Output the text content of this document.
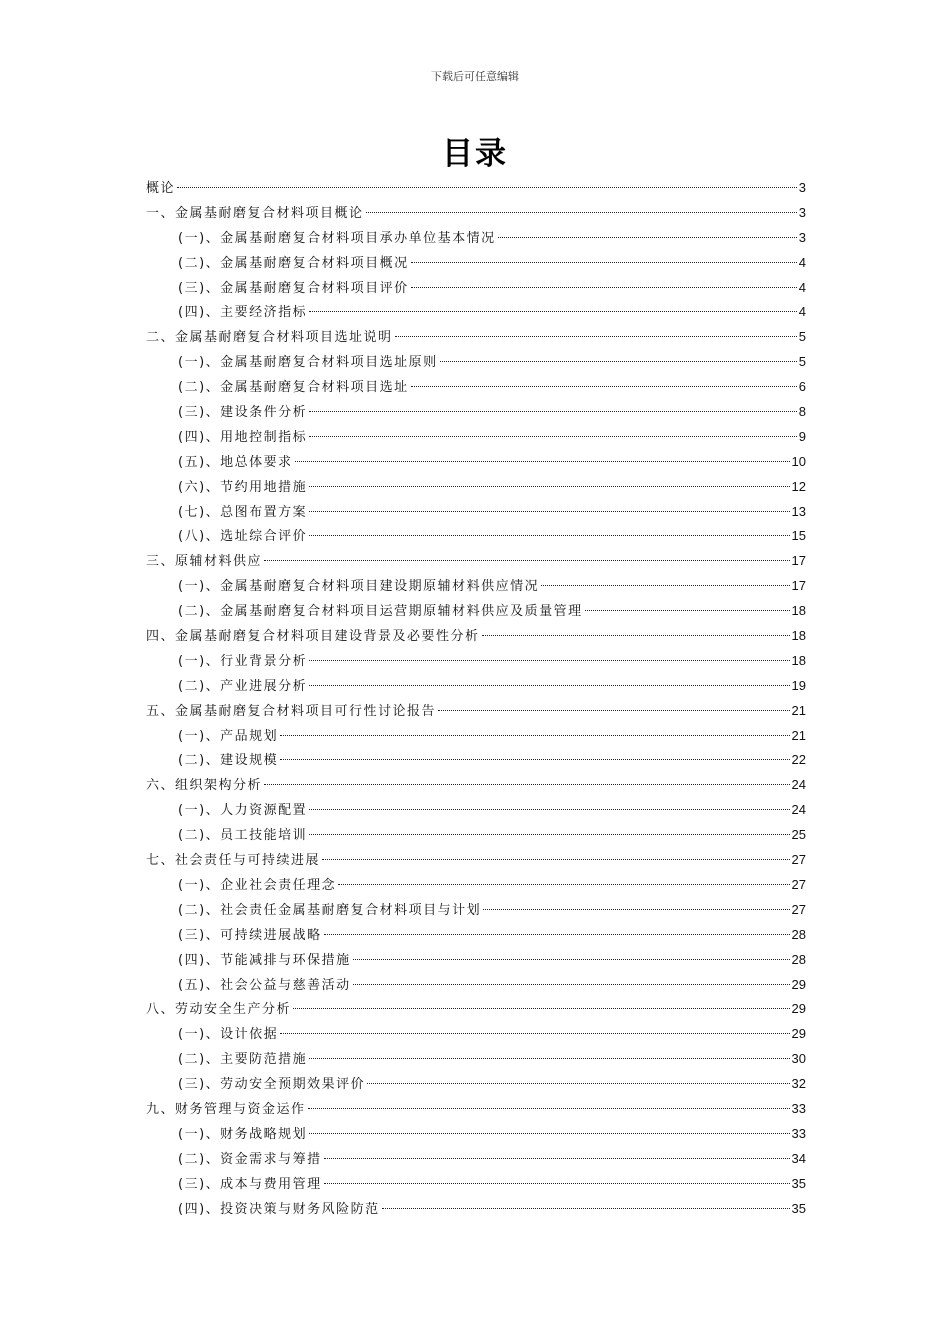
下载后可任意编辑
目录
概论	3
一、金属基耐磨复合材料项目概论	3
(一)、金属基耐磨复合材料项目承办单位基本情况	3
(二)、金属基耐磨复合材料项目概况	4
(三)、金属基耐磨复合材料项目评价	4
(四)、主要经济指标	4
二、金属基耐磨复合材料项目选址说明	5
(一)、金属基耐磨复合材料项目选址原则	5
(二)、金属基耐磨复合材料项目选址	6
(三)、建设条件分析	8
(四)、用地控制指标	9
(五)、地总体要求	10
(六)、节约用地措施	12
(七)、总图布置方案	13
(八)、选址综合评价	15
三、原辅材料供应	17
(一)、金属基耐磨复合材料项目建设期原辅材料供应情况	17
(二)、金属基耐磨复合材料项目运营期原辅材料供应及质量管理	18
四、金属基耐磨复合材料项目建设背景及必要性分析	18
(一)、行业背景分析	18
(二)、产业进展分析	19
五、金属基耐磨复合材料项目可行性讨论报告	21
(一)、产品规划	21
(二)、建设规模	22
六、组织架构分析	24
(一)、人力资源配置	24
(二)、员工技能培训	25
七、社会责任与可持续进展	27
(一)、企业社会责任理念	27
(二)、社会责任金属基耐磨复合材料项目与计划	27
(三)、可持续进展战略	28
(四)、节能减排与环保措施	28
(五)、社会公益与慈善活动	29
八、劳动安全生产分析	29
(一)、设计依据	29
(二)、主要防范措施	30
(三)、劳动安全预期效果评价	32
九、财务管理与资金运作	33
(一)、财务战略规划	33
(二)、资金需求与筹措	34
(三)、成本与费用管理	35
(四)、投资决策与财务风险防范	35
